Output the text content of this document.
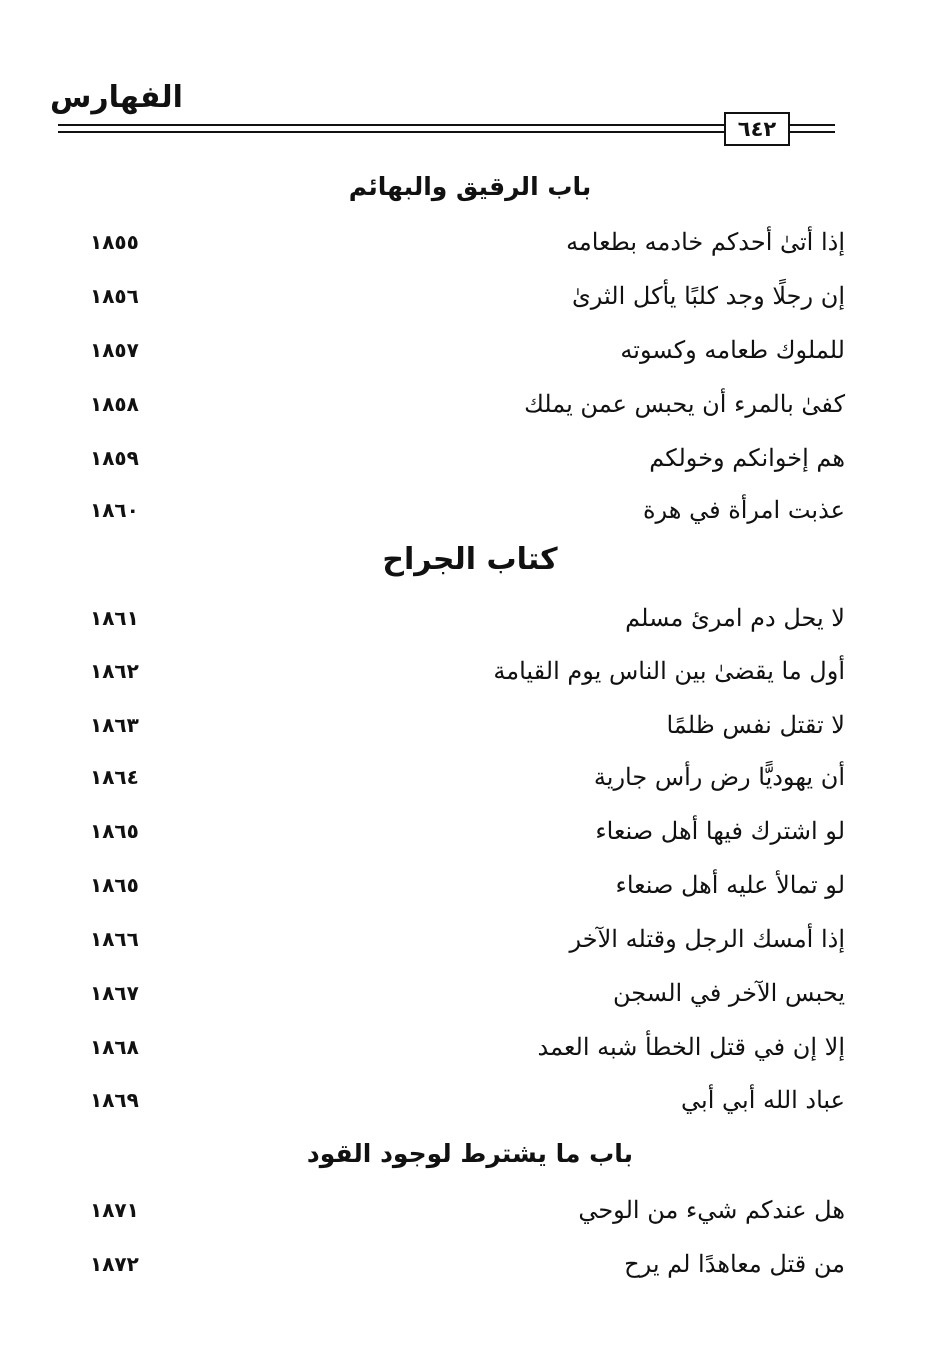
الفهارس
٦٤٢
باب الرقيق والبهائم
إذا أتىٰ أحدكم خادمه بطعامه
١٨٥٥
إن رجلًا وجد كلبًا يأكل الثرىٰ
١٨٥٦
للملوك طعامه وكسوته
١٨٥٧
كفىٰ بالمرء أن يحبس عمن يملك
١٨٥٨
هم إخوانكم وخولكم
١٨٥٩
عذبت امرأة في هرة
١٨٦٠
كتاب الجراح
لا يحل دم امرئ مسلم
١٨٦١
أول ما يقضىٰ بين الناس يوم القيامة
١٨٦٢
لا تقتل نفس ظلمًا
١٨٦٣
أن يهوديًّا رض رأس جارية
١٨٦٤
لو اشترك فيها أهل صنعاء
١٨٦٥
لو تمالأ عليه أهل صنعاء
١٨٦٥
إذا أمسك الرجل وقتله الآخر
١٨٦٦
يحبس الآخر في السجن
١٨٦٧
إلا إن في قتل الخطأ شبه العمد
١٨٦٨
عباد الله أبي أبي
١٨٦٩
باب ما يشترط لوجود القود
هل عندكم شيء من الوحي
١٨٧١
من قتل معاهدًا لم يرح
١٨٧٢
